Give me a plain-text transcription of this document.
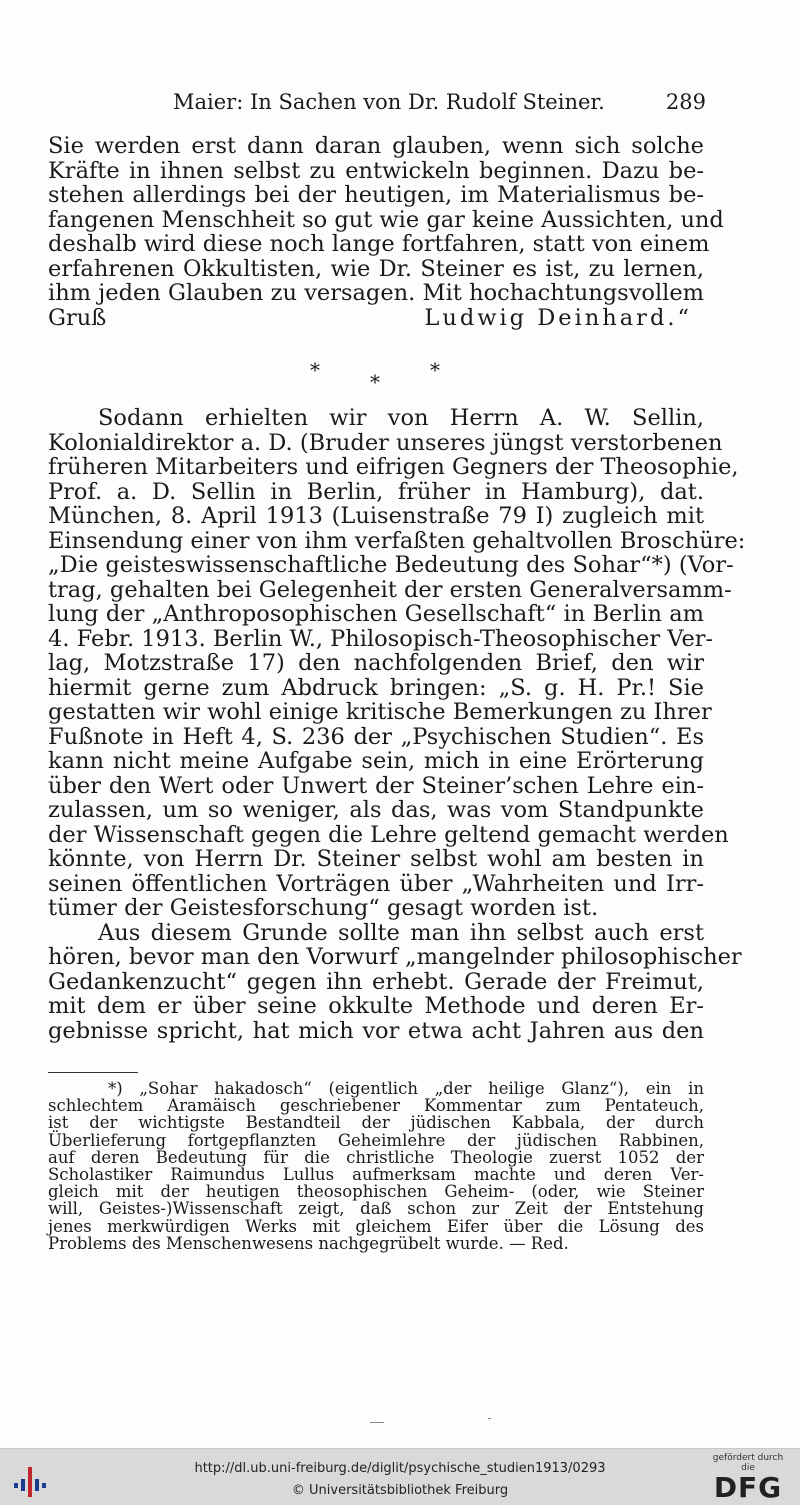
Maier: In Sachen von Dr. Rudolf Steiner.	289
Sie werden erst dann daran glauben, wenn sich solche
Kräfte in ihnen selbst zu entwickeln beginnen. Dazu be-
stehen allerdings bei der heutigen, im Materialismus be-
fangenen Menschheit so gut wie gar keine Aussichten, und
deshalb wird diese noch lange fortfahren, statt von einem
erfahrenen Okkultisten, wie Dr. Steiner es ist, zu lernen,
ihm jeden Glauben zu versagen. Mit hochachtungsvollem
Gruß	Ludwig Deinhard.“
*	*	*
Sodann erhielten wir von Herrn A. W. Sellin,
Kolonialdirektor a. D. (Bruder unseres jüngst verstorbenen
früheren Mitarbeiters und eifrigen Gegners der Theosophie,
Prof. a. D. Sellin in Berlin, früher in Hamburg), dat.
München, 8. April 1913 (Luisenstraße 79 I) zugleich mit
Einsendung einer von ihm verfaßten gehaltvollen Broschüre:
„Die geisteswissenschaftliche Bedeutung des Sohar“*) (Vor-
trag, gehalten bei Gelegenheit der ersten Generalversamm-
lung der „Anthroposophischen Gesellschaft“ in Berlin am
4. Febr. 1913. Berlin W., Philosopisch-Theosophischer Ver-
lag, Motzstraße 17) den nachfolgenden Brief, den wir
hiermit gerne zum Abdruck bringen: „S. g. H. Pr.! Sie
gestatten wir wohl einige kritische Bemerkungen zu Ihrer
Fußnote in Heft 4, S. 236 der „Psychischen Studien“. Es
kann nicht meine Aufgabe sein, mich in eine Erörterung
über den Wert oder Unwert der Steiner’schen Lehre ein-
zulassen, um so weniger, als das, was vom Standpunkte
der Wissenschaft gegen die Lehre geltend gemacht werden
könnte, von Herrn Dr. Steiner selbst wohl am besten in
seinen öffentlichen Vorträgen über „Wahrheiten und Irr-
tümer der Geistesforschung“ gesagt worden ist.
Aus diesem Grunde sollte man ihn selbst auch erst
hören, bevor man den Vorwurf „mangelnder philosophischer
Gedankenzucht“ gegen ihn erhebt. Gerade der Freimut,
mit dem er über seine okkulte Methode und deren Er-
gebnisse spricht, hat mich vor etwa acht Jahren aus den
*) „Sohar hakadosch“ (eigentlich „der heilige Glanz“), ein in
schlechtem Aramäisch geschriebener Kommentar zum Pentateuch,
ist der wichtigste Bestandteil der jüdischen Kabbala, der durch
Überlieferung fortgepflanzten Geheimlehre der jüdischen Rabbinen,
auf deren Bedeutung für die christliche Theologie zuerst 1052 der
Scholastiker Raimundus Lullus aufmerksam machte und deren Ver-
gleich mit der heutigen theosophischen Geheim- (oder, wie Steiner
will, Geistes-)Wissenschaft zeigt, daß schon zur Zeit der Entstehung
jenes merkwürdigen Werks mit gleichem Eifer über die Lösung des
Problems des Menschenwesens nachgegrübelt wurde. — Red.
http://dl.ub.uni-freiburg.de/diglit/psychische_studien1913/0293
© Universitätsbibliothek Freiburg
gefördert durch die
DFG
